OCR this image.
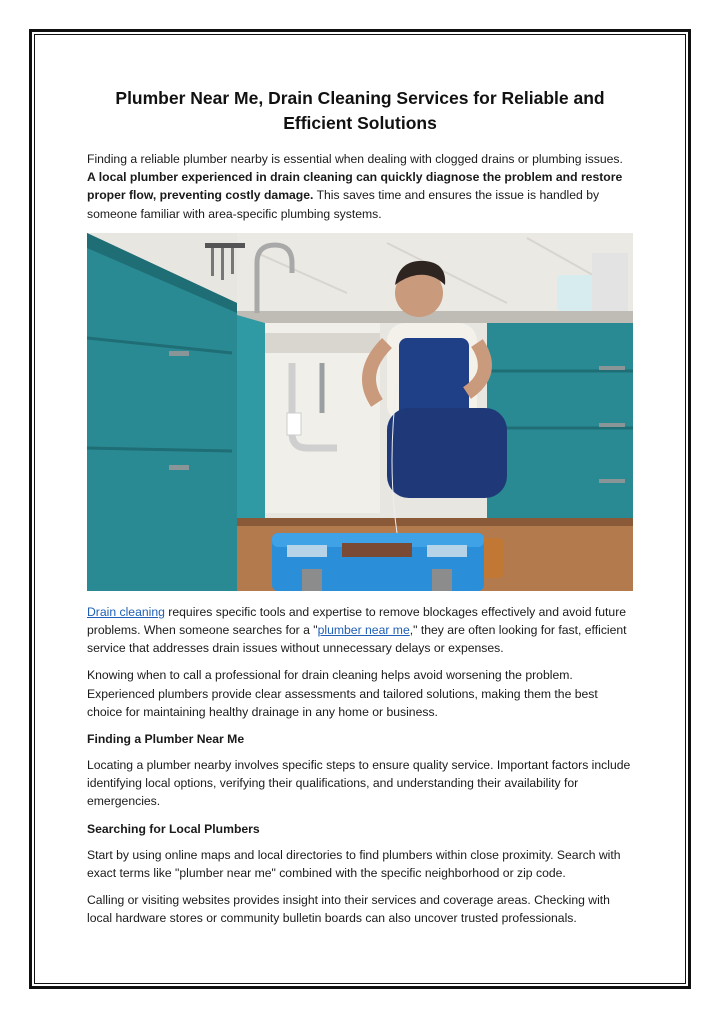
Plumber Near Me, Drain Cleaning Services for Reliable and Efficient Solutions

Finding a reliable plumber nearby is essential when dealing with clogged drains or plumbing issues. A local plumber experienced in drain cleaning can quickly diagnose the problem and restore proper flow, preventing costly damage. This saves time and ensures the issue is handled by someone familiar with area-specific plumbing systems.

Drain cleaning requires specific tools and expertise to remove blockages effectively and avoid future problems. When someone searches for a "plumber near me," they are often looking for fast, efficient service that addresses drain issues without unnecessary delays or expenses.

Knowing when to call a professional for drain cleaning helps avoid worsening the problem. Experienced plumbers provide clear assessments and tailored solutions, making them the best choice for maintaining healthy drainage in any home or business.

Finding a Plumber Near Me

Locating a plumber nearby involves specific steps to ensure quality service. Important factors include identifying local options, verifying their qualifications, and understanding their availability for emergencies.

Searching for Local Plumbers

Start by using online maps and local directories to find plumbers within close proximity. Search with exact terms like "plumber near me" combined with the specific neighborhood or zip code.

Calling or visiting websites provides insight into their services and coverage areas. Checking with local hardware stores or community bulletin boards can also uncover trusted professionals.
